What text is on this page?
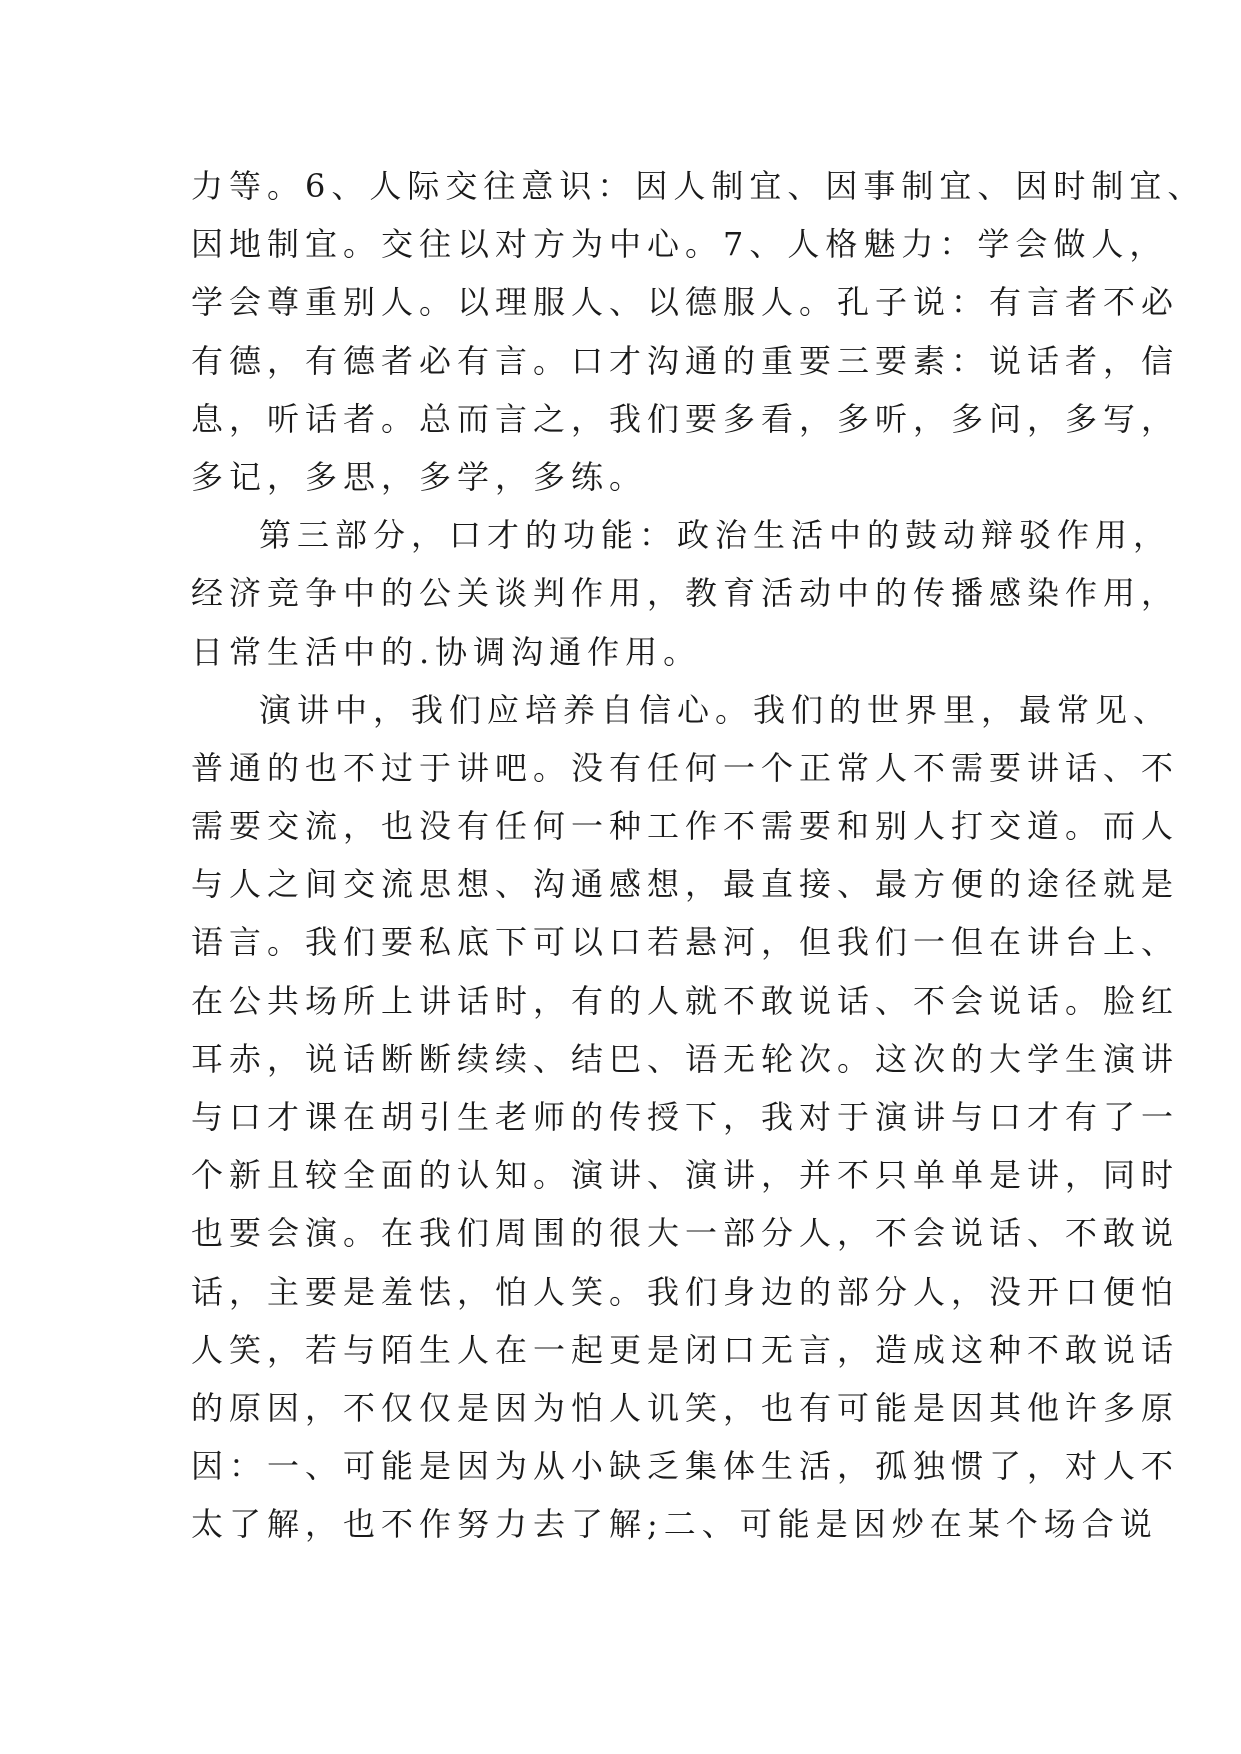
力等。6、人际交往意识：因人制宜、因事制宜、因时制宜、
因地制宜。交往以对方为中心。7、人格魅力：学会做人，
学会尊重别人。以理服人、以德服人。孔子说：有言者不必
有德，有德者必有言。口才沟通的重要三要素：说话者，信
息，听话者。总而言之，我们要多看，多听，多问，多写，
多记，多思，多学，多练。
第三部分，口才的功能：政治生活中的鼓动辩驳作用，
经济竞争中的公关谈判作用，教育活动中的传播感染作用，
日常生活中的.协调沟通作用。
演讲中，我们应培养自信心。我们的世界里，最常见、
普通的也不过于讲吧。没有任何一个正常人不需要讲话、不
需要交流，也没有任何一种工作不需要和别人打交道。而人
与人之间交流思想、沟通感想，最直接、最方便的途径就是
语言。我们要私底下可以口若悬河，但我们一但在讲台上、
在公共场所上讲话时，有的人就不敢说话、不会说话。脸红
耳赤，说话断断续续、结巴、语无轮次。这次的大学生演讲
与口才课在胡引生老师的传授下，我对于演讲与口才有了一
个新且较全面的认知。演讲、演讲，并不只单单是讲，同时
也要会演。在我们周围的很大一部分人，不会说话、不敢说
话，主要是羞怯，怕人笑。我们身边的部分人，没开口便怕
人笑，若与陌生人在一起更是闭口无言，造成这种不敢说话
的原因，不仅仅是因为怕人讥笑，也有可能是因其他许多原
因：一、可能是因为从小缺乏集体生活，孤独惯了，对人不
太了解，也不作努力去了解;二、可能是因炒在某个场合说
